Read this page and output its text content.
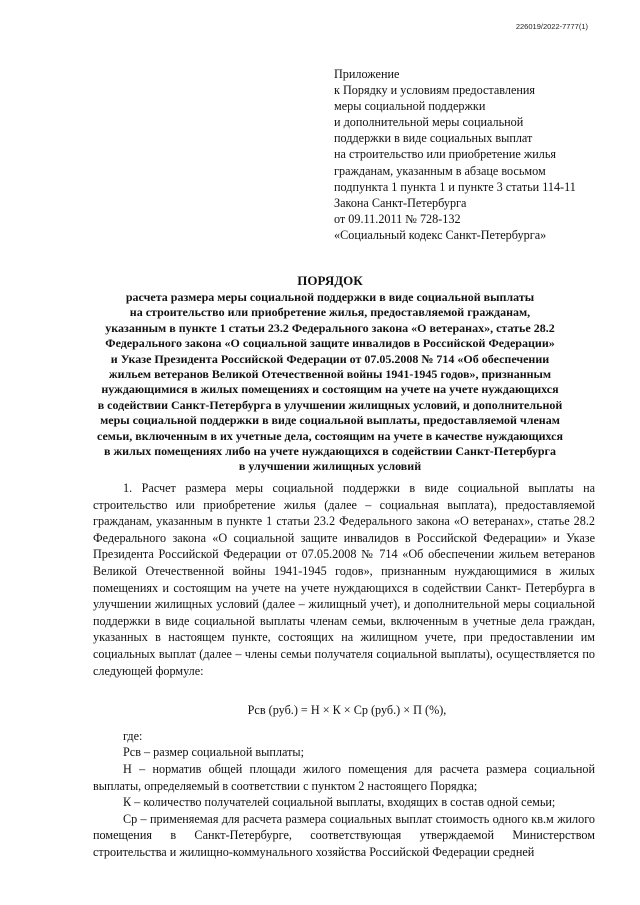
226019/2022-7777(1)
Приложение
к Порядку и условиям предоставления
меры социальной поддержки
и дополнительной меры социальной
поддержки в виде социальных выплат
на строительство или приобретение жилья
гражданам, указанным в абзаце восьмом
подпункта 1 пункта 1 и пункте 3 статьи 114-11
Закона Санкт-Петербурга
от 09.11.2011 № 728-132
«Социальный кодекс Санкт-Петербурга»
ПОРЯДОК
расчета размера меры социальной поддержки в виде социальной выплаты
на строительство или приобретение жилья, предоставляемой гражданам,
указанным в пункте 1 статьи 23.2 Федерального закона «О ветеранах», статье 28.2
Федерального закона «О социальной защите инвалидов в Российской Федерации»
и Указе Президента Российской Федерации от 07.05.2008 № 714 «Об обеспечении
жильем ветеранов Великой Отечественной войны 1941-1945 годов», признанным
нуждающимися в жилых помещениях и состоящим на учете на учете нуждающихся
в содействии Санкт-Петербурга в улучшении жилищных условий, и дополнительной
меры социальной поддержки в виде социальной выплаты, предоставляемой членам
семьи, включенным в их учетные дела, состоящим на учете в качестве нуждающихся
в жилых помещениях либо на учете нуждающихся в содействии Санкт-Петербурга
в улучшении жилищных условий

1. Расчет размера меры социальной поддержки в виде социальной выплаты на строительство или приобретение жилья (далее – социальная выплата), предоставляемой гражданам, указанным в пункте 1 статьи 23.2 Федерального закона «О ветеранах», статье 28.2 Федерального закона «О социальной защите инвалидов в Российской Федерации» и Указе Президента Российской Федерации от 07.05.2008 № 714 «Об обеспечении жильем ветеранов Великой Отечественной войны 1941-1945 годов», признанным нуждающимися в жилых помещениях и состоящим на учете на учете нуждающихся в содействии Санкт- Петербурга в улучшении жилищных условий (далее – жилищный учет), и дополнительной меры социальной поддержки в виде социальной выплаты членам семьи, включенным в учетные дела граждан, указанных в настоящем пункте, состоящих на жилищном учете, при предоставлении им социальных выплат (далее – члены семьи получателя социальной выплаты), осуществляется по следующей формуле:

Рсв (руб.) = Н × К × Ср (руб.) × П (%),

где:

Рсв – размер социальной выплаты;

Н – норматив общей площади жилого помещения для расчета размера социальной выплаты, определяемый в соответствии с пунктом 2 настоящего Порядка;

К – количество получателей социальной выплаты, входящих в состав одной семьи;

Ср – применяемая для расчета размера социальных выплат стоимость одного кв.м жилого помещения в Санкт-Петербурге, соответствующая утверждаемой Министерством строительства и жилищно-коммунального хозяйства Российской Федерации средней
